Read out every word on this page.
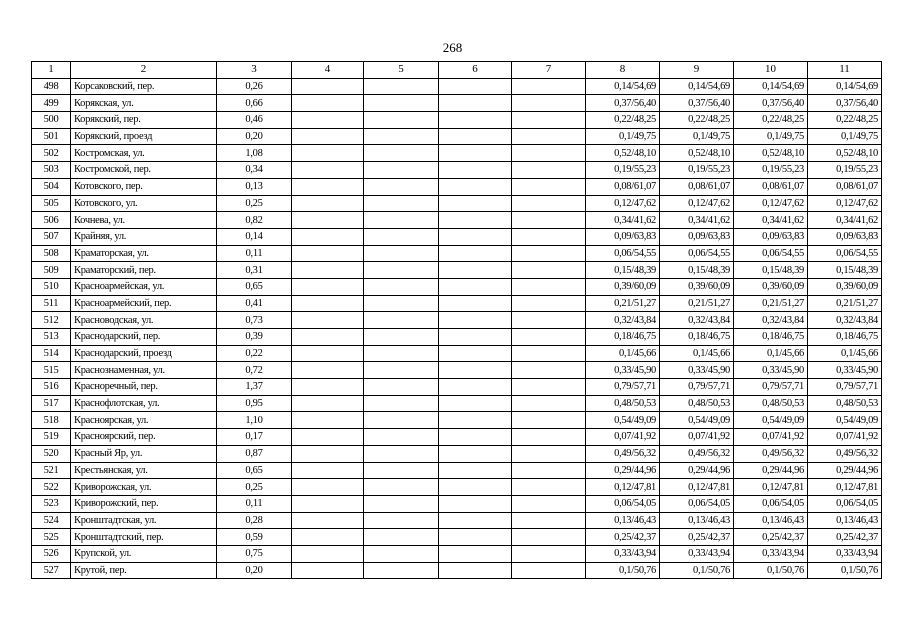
268
1	2	3	4	5	6	7	8	9	10	11
498	Корсаковский, пер.	0,26					0,14/54,69	0,14/54,69	0,14/54,69	0,14/54,69
499	Корякская, ул.	0,66					0,37/56,40	0,37/56,40	0,37/56,40	0,37/56,40
500	Корякский, пер.	0,46					0,22/48,25	0,22/48,25	0,22/48,25	0,22/48,25
501	Корякский, проезд	0,20					0,1/49,75	0,1/49,75	0,1/49,75	0,1/49,75
502	Костромская, ул.	1,08					0,52/48,10	0,52/48,10	0,52/48,10	0,52/48,10
503	Костромской, пер.	0,34					0,19/55,23	0,19/55,23	0,19/55,23	0,19/55,23
504	Котовского, пер.	0,13					0,08/61,07	0,08/61,07	0,08/61,07	0,08/61,07
505	Котовского, ул.	0,25					0,12/47,62	0,12/47,62	0,12/47,62	0,12/47,62
506	Кочнева, ул.	0,82					0,34/41,62	0,34/41,62	0,34/41,62	0,34/41,62
507	Крайняя, ул.	0,14					0,09/63,83	0,09/63,83	0,09/63,83	0,09/63,83
508	Краматорская, ул.	0,11					0,06/54,55	0,06/54,55	0,06/54,55	0,06/54,55
509	Краматорский, пер.	0,31					0,15/48,39	0,15/48,39	0,15/48,39	0,15/48,39
510	Красноармейская, ул.	0,65					0,39/60,09	0,39/60,09	0,39/60,09	0,39/60,09
511	Красноармейский, пер.	0,41					0,21/51,27	0,21/51,27	0,21/51,27	0,21/51,27
512	Красноводская, ул.	0,73					0,32/43,84	0,32/43,84	0,32/43,84	0,32/43,84
513	Краснодарский, пер.	0,39					0,18/46,75	0,18/46,75	0,18/46,75	0,18/46,75
514	Краснодарский, проезд	0,22					0,1/45,66	0,1/45,66	0,1/45,66	0,1/45,66
515	Краснознаменная, ул.	0,72					0,33/45,90	0,33/45,90	0,33/45,90	0,33/45,90
516	Красноречный, пер.	1,37					0,79/57,71	0,79/57,71	0,79/57,71	0,79/57,71
517	Краснофлотская, ул.	0,95					0,48/50,53	0,48/50,53	0,48/50,53	0,48/50,53
518	Красноярская, ул.	1,10					0,54/49,09	0,54/49,09	0,54/49,09	0,54/49,09
519	Красноярский, пер.	0,17					0,07/41,92	0,07/41,92	0,07/41,92	0,07/41,92
520	Красный Яр, ул.	0,87					0,49/56,32	0,49/56,32	0,49/56,32	0,49/56,32
521	Крестьянская, ул.	0,65					0,29/44,96	0,29/44,96	0,29/44,96	0,29/44,96
522	Криворожская, ул.	0,25					0,12/47,81	0,12/47,81	0,12/47,81	0,12/47,81
523	Криворожский, пер.	0,11					0,06/54,05	0,06/54,05	0,06/54,05	0,06/54,05
524	Кронштадтская, ул.	0,28					0,13/46,43	0,13/46,43	0,13/46,43	0,13/46,43
525	Кронштадтский, пер.	0,59					0,25/42,37	0,25/42,37	0,25/42,37	0,25/42,37
526	Крупской, ул.	0,75					0,33/43,94	0,33/43,94	0,33/43,94	0,33/43,94
527	Крутой, пер.	0,20					0,1/50,76	0,1/50,76	0,1/50,76	0,1/50,76
